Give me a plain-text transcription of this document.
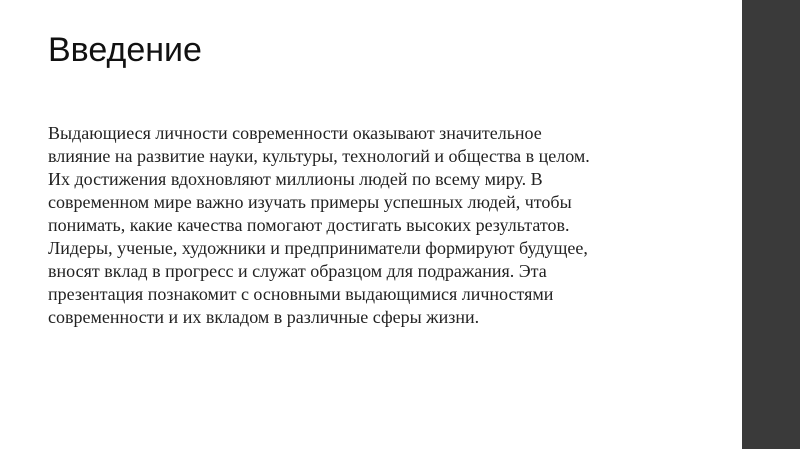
Введение
Выдающиеся личности современности оказывают значительное
влияние на развитие науки, культуры, технологий и общества в целом.
Их достижения вдохновляют миллионы людей по всему миру. В
современном мире важно изучать примеры успешных людей, чтобы
понимать, какие качества помогают достигать высоких результатов.
Лидеры, ученые, художники и предприниматели формируют будущее,
вносят вклад в прогресс и служат образцом для подражания. Эта
презентация познакомит с основными выдающимися личностями
современности и их вкладом в различные сферы жизни.
